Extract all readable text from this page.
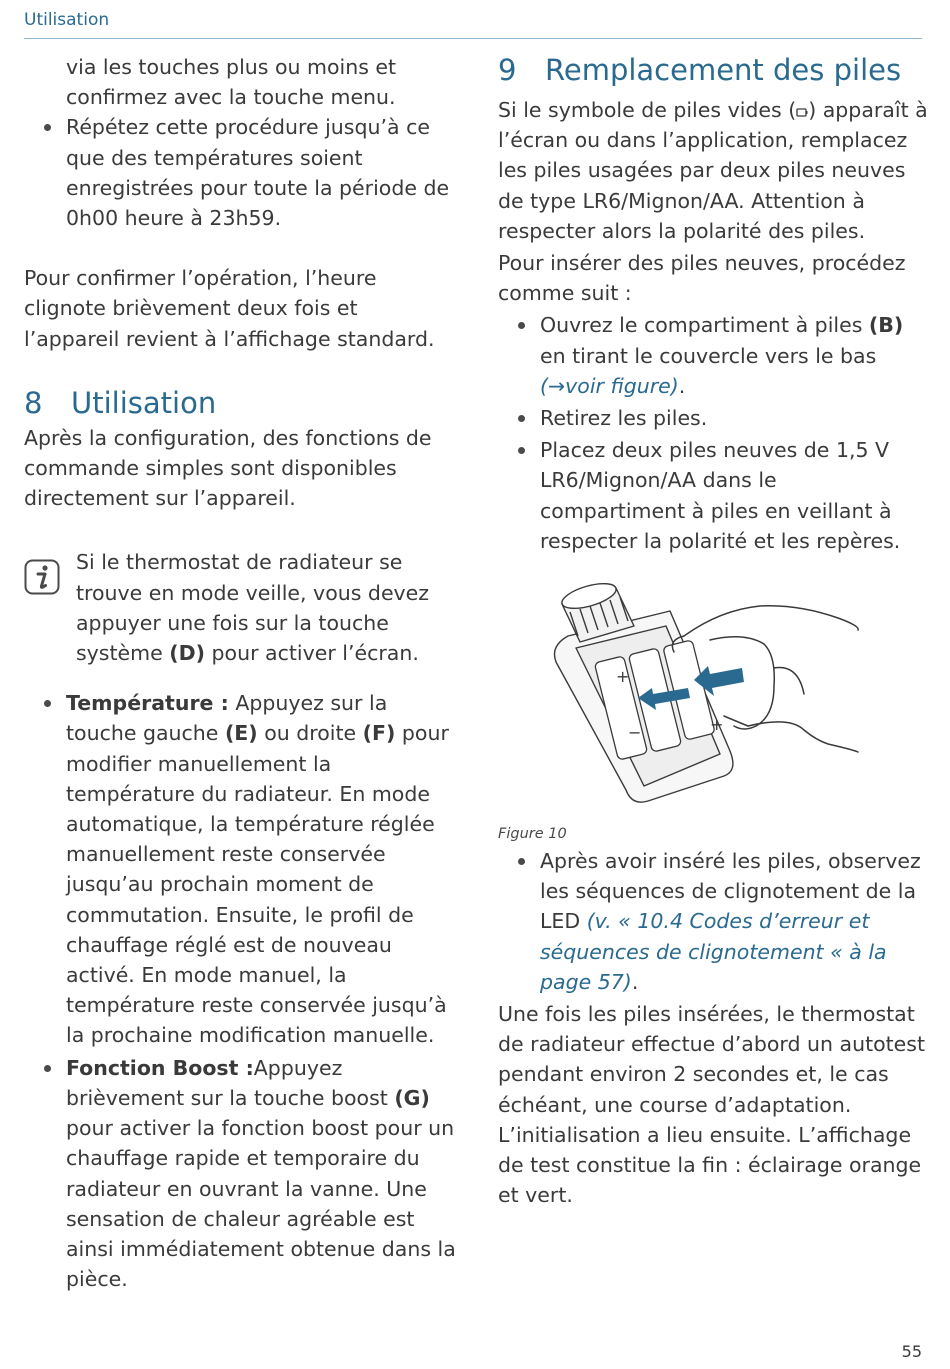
Utilisation
via les touches plus ou moins et confirmez avec la touche menu.
Répétez cette procédure jusqu’à ce que des températures soient enregistrées pour toute la période de 0h00 heure à 23h59.

Pour confirmer l’opération, l’heure clignote brièvement deux fois et l’appareil revient à l’affichage standard.

8 Utilisation

Après la configuration, des fonctions de commande simples sont disponibles directement sur l’appareil.

Si le thermostat de radiateur se trouve en mode veille, vous devez appuyer une fois sur la touche système (D) pour activer l’écran.

Température : Appuyez sur la touche gauche (E) ou droite (F) pour modifier manuellement la température du radiateur. En mode automatique, la température réglée manuellement reste conservée jusqu’au prochain moment de commutation. Ensuite, le profil de chauffage réglé est de nouveau activé. En mode manuel, la température reste conservée jusqu’à la prochaine modification manuelle.
Fonction Boost :Appuyez brièvement sur la touche boost (G) pour activer la fonction boost pour un chauffage rapide et temporaire du radiateur en ouvrant la vanne. Une sensation de chaleur agréable est ainsi immédiatement obtenue dans la pièce.
9 Remplacement des piles

Si le symbole de piles vides ( ) apparaît à l’écran ou dans l’application, remplacez les piles usagées par deux piles neuves de type LR6/Mignon/AA. Attention à respecter alors la polarité des piles.

Pour insérer des piles neuves, procédez comme suit :

Ouvrez le compartiment à piles (B) en tirant le couvercle vers le bas (→voir figure).
Retirez les piles.
Placez deux piles neuves de 1,5 V LR6/Mignon/AA dans le compartiment à piles en veillant à respecter la polarité et les repères.
+
+
−

Figure 10

Après avoir inséré les piles, observez les séquences de clignotement de la LED (v. « 10.4 Codes d’erreur et séquences de clignotement « à la page 57).

Une fois les piles insérées, le thermostat de radiateur effectue d’abord un autotest pendant environ 2 secondes et, le cas échéant, une course d’adaptation. L’initialisation a lieu ensuite. L’affichage de test constitue la fin : éclairage orange et vert.

55
